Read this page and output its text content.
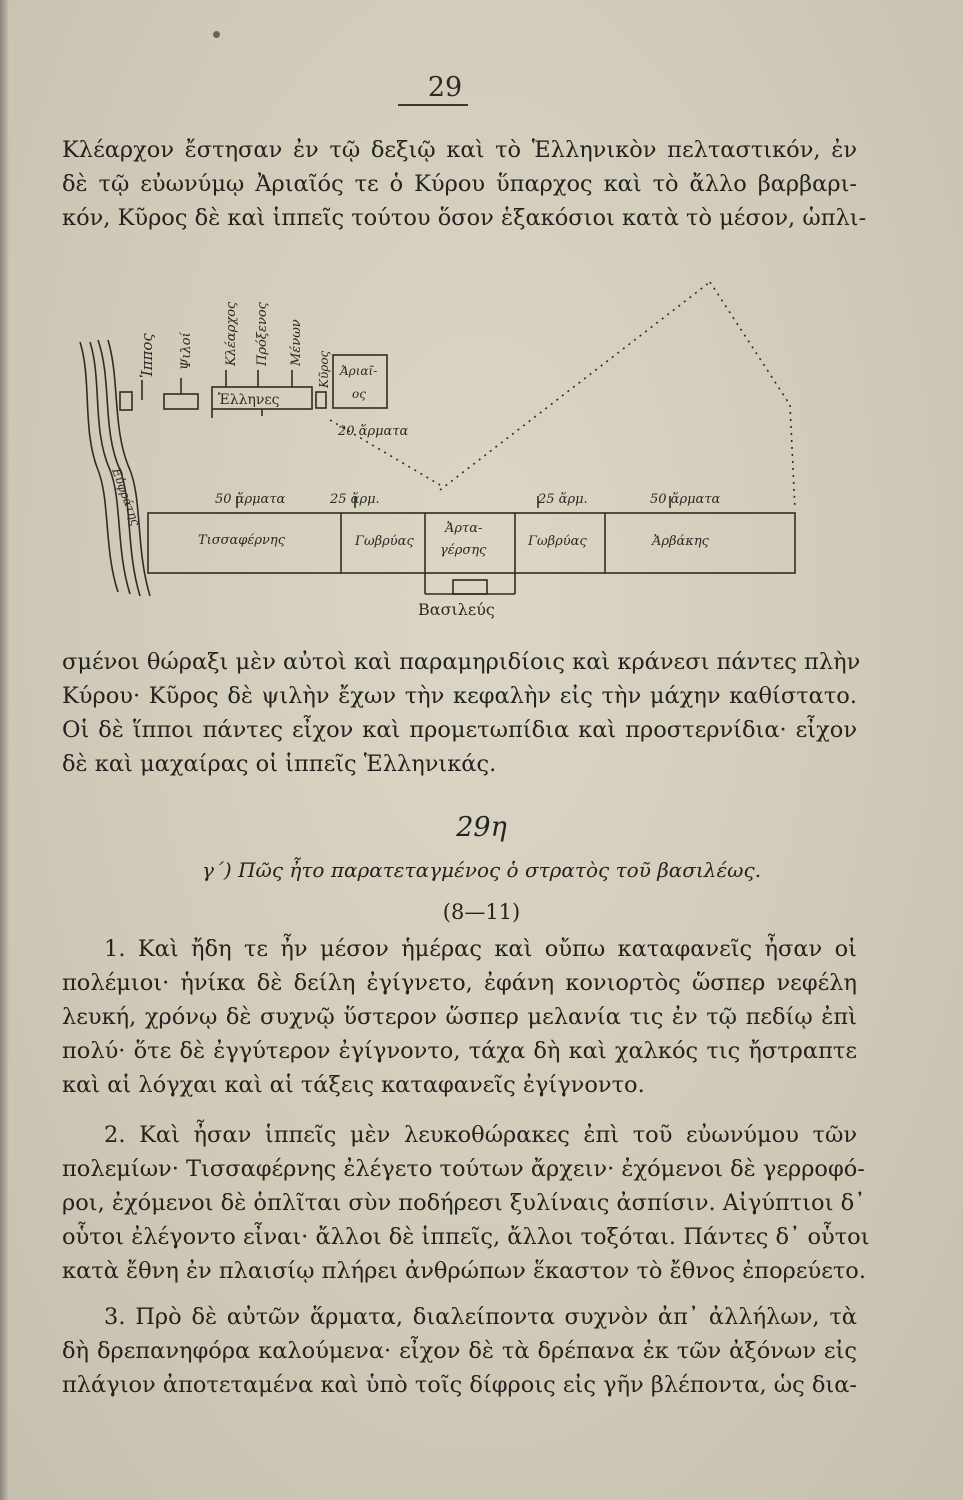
29

Κλέαρχον ἔστησαν ἐν τῷ δεξιῷ καὶ τὸ Ἑλληνικὸν πελταστικόν, ἐν
δὲ τῷ εὐωνύμῳ Ἀριαῖός τε ὁ Κύρου ὕπαρχος καὶ τὸ ἄλλο βαρβαρι-
κόν, Κῦρος δὲ καὶ ἱππεῖς τούτου ὅσον ἑξακόσιοι κατὰ τὸ μέσον, ὡπλι-

Ἱππος Ψιλοί Κλέαρχος Πρόξενος Μένων
Κῦρος
Ἑλληνες
Ἀριαῖ-
ος
20 ἅρματα
Εὐφράτης	50 ἅρματα	25 ἅρμ.	25 ἅρμ.	50 ἅρματα
Τισσαφέρνης	Γωβρύας
Ἀρτα-
γέρσης
Γωβρύας	Ἀρβάκης
Βασιλεύς

σμένοι θώραξι μὲν αὐτοὶ καὶ παραμηριδίοις καὶ κράνεσι πάντες πλὴν
Κύρου· Κῦρος δὲ ψιλὴν ἔχων τὴν κεφαλὴν εἰς τὴν μάχην καθίστατο.
Οἱ δὲ ἵπποι πάντες εἶχον καὶ προμετωπίδια καὶ προστερνίδια· εἶχον
δὲ καὶ μαχαίρας οἱ ἱππεῖς Ἑλληνικάς.

29η
γ΄) Πῶς ἦτο παρατεταγμένος ὁ στρατὸς τοῦ βασιλέως.
(8—11)

1. Καὶ ἤδη τε ἦν μέσον ἡμέρας καὶ οὔπω καταφανεῖς ἦσαν οἱ
πολέμιοι· ἡνίκα δὲ δείλη ἐγίγνετο, ἐφάνη κονιορτὸς ὥσπερ νεφέλη
λευκή, χρόνῳ δὲ συχνῷ ὕστερον ὥσπερ μελανία τις ἐν τῷ πεδίῳ ἐπὶ
πολύ· ὅτε δὲ ἐγγύτερον ἐγίγνοντο, τάχα δὴ καὶ χαλκός τις ἤστραπτε
καὶ αἱ λόγχαι καὶ αἱ τάξεις καταφανεῖς ἐγίγνοντο.

2. Καὶ ἦσαν ἱππεῖς μὲν λευκοθώρακες ἐπὶ τοῦ εὐωνύμου τῶν
πολεμίων· Τισσαφέρνης ἐλέγετο τούτων ἄρχειν· ἐχόμενοι δὲ γερροφό-
ροι, ἐχόμενοι δὲ ὁπλῖται σὺν ποδήρεσι ξυλίναις ἀσπίσιν. Αἰγύπτιοι δ᾽
οὗτοι ἐλέγοντο εἶναι· ἄλλοι δὲ ἱππεῖς, ἄλλοι τοξόται. Πάντες δ᾽ οὗτοι
κατὰ ἔθνη ἐν πλαισίῳ πλήρει ἀνθρώπων ἕκαστον τὸ ἔθνος ἐπορεύετο.

3. Πρὸ δὲ αὐτῶν ἅρματα, διαλείποντα συχνὸν ἀπ᾽ ἀλλήλων, τὰ
δὴ δρεπανηφόρα καλούμενα· εἶχον δὲ τὰ δρέπανα ἐκ τῶν ἀξόνων εἰς
πλάγιον ἀποτεταμένα καὶ ὑπὸ τοῖς δίφροις εἰς γῆν βλέποντα, ὡς δια-
